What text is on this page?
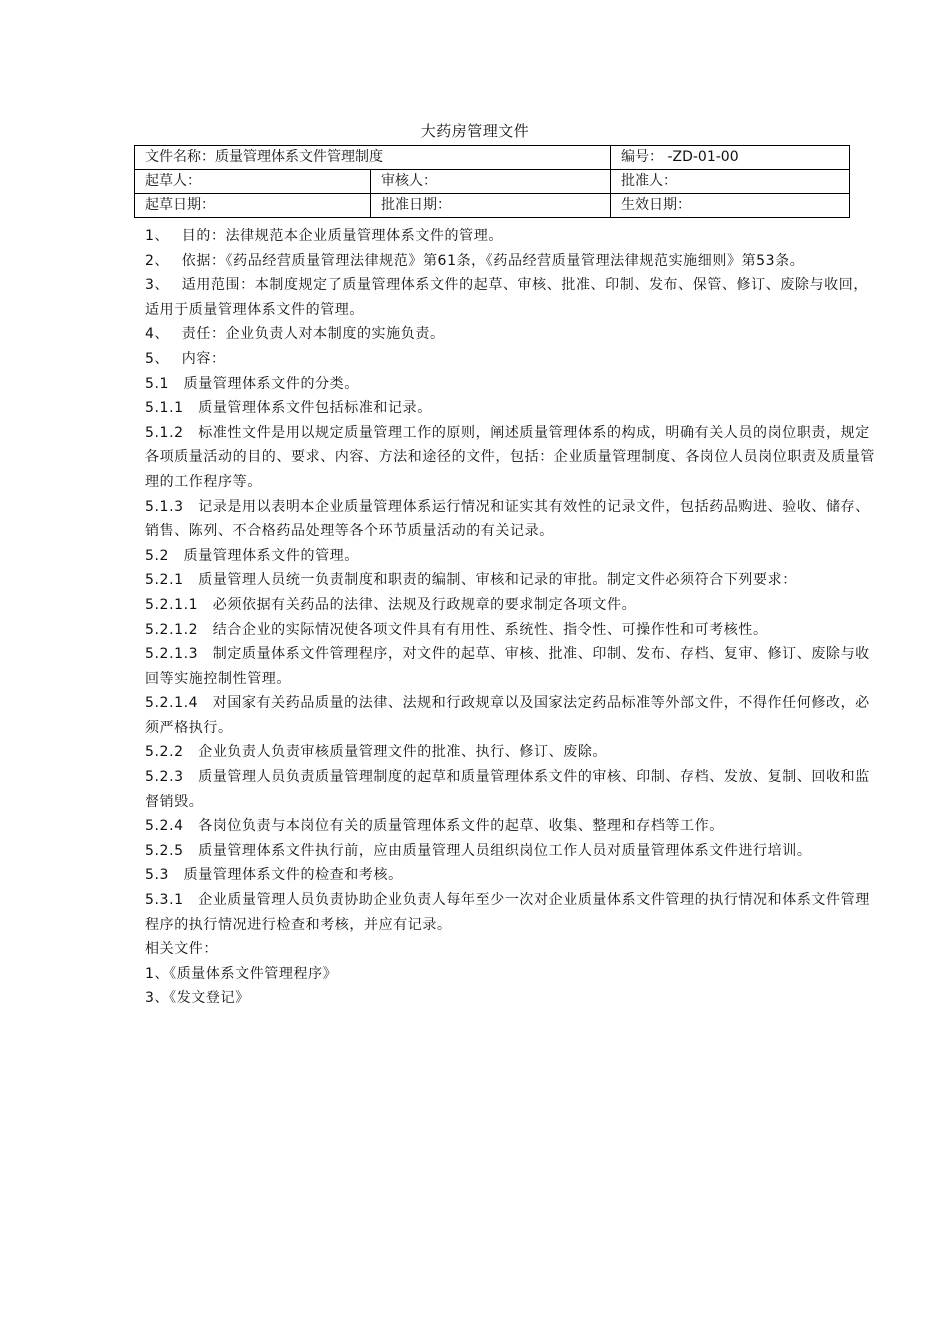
大药房管理文件
文件名称：质量管理体系文件管理制度		编号： -ZD-01-00
起草人：	审核人：	批准人：
起草日期：	批准日期：	生效日期：

1、　 目的：法律规范本企业质量管理体系文件的管理。

2、　 依据：《药品经营质量管理法律规范》第61条，《药品经营质量管理法律规范实施细则》第53条。

3、　 适用范围：本制度规定了质量管理体系文件的起草、审核、批准、印制、发布、保管、修订、废除与收回，适用于质量管理体系文件的管理。

4、　 责任：企业负责人对本制度的实施负责。

5、　 内容：

5.1　质量管理体系文件的分类。

5.1.1　质量管理体系文件包括标准和记录。

5.1.2　标准性文件是用以规定质量管理工作的原则，阐述质量管理体系的构成，明确有关人员的岗位职责，规定各项质量活动的目的、要求、内容、方法和途径的文件，包括：企业质量管理制度、各岗位人员岗位职责及质量管理的工作程序等。

5.1.3　记录是用以表明本企业质量管理体系运行情况和证实其有效性的记录文件，包括药品购进、验收、储存、销售、陈列、不合格药品处理等各个环节质量活动的有关记录。

5.2　质量管理体系文件的管理。

5.2.1　质量管理人员统一负责制度和职责的编制、审核和记录的审批。制定文件必须符合下列要求：

5.2.1.1　必须依据有关药品的法律、法规及行政规章的要求制定各项文件。

5.2.1.2　结合企业的实际情况使各项文件具有有用性、系统性、指令性、可操作性和可考核性。

5.2.1.3　制定质量体系文件管理程序，对文件的起草、审核、批准、印制、发布、存档、复审、修订、废除与收回等实施控制性管理。

5.2.1.4　对国家有关药品质量的法律、法规和行政规章以及国家法定药品标准等外部文件，不得作任何修改，必须严格执行。

5.2.2　企业负责人负责审核质量管理文件的批准、执行、修订、废除。

5.2.3　质量管理人员负责质量管理制度的起草和质量管理体系文件的审核、印制、存档、发放、复制、回收和监督销毁。

5.2.4　各岗位负责与本岗位有关的质量管理体系文件的起草、收集、整理和存档等工作。

5.2.5　质量管理体系文件执行前，应由质量管理人员组织岗位工作人员对质量管理体系文件进行培训。

5.3　质量管理体系文件的检查和考核。

5.3.1　企业质量管理人员负责协助企业负责人每年至少一次对企业质量体系文件管理的执行情况和体系文件管理程序的执行情况进行检查和考核，并应有记录。

相关文件：

1、《质量体系文件管理程序》

3、《发文登记》
